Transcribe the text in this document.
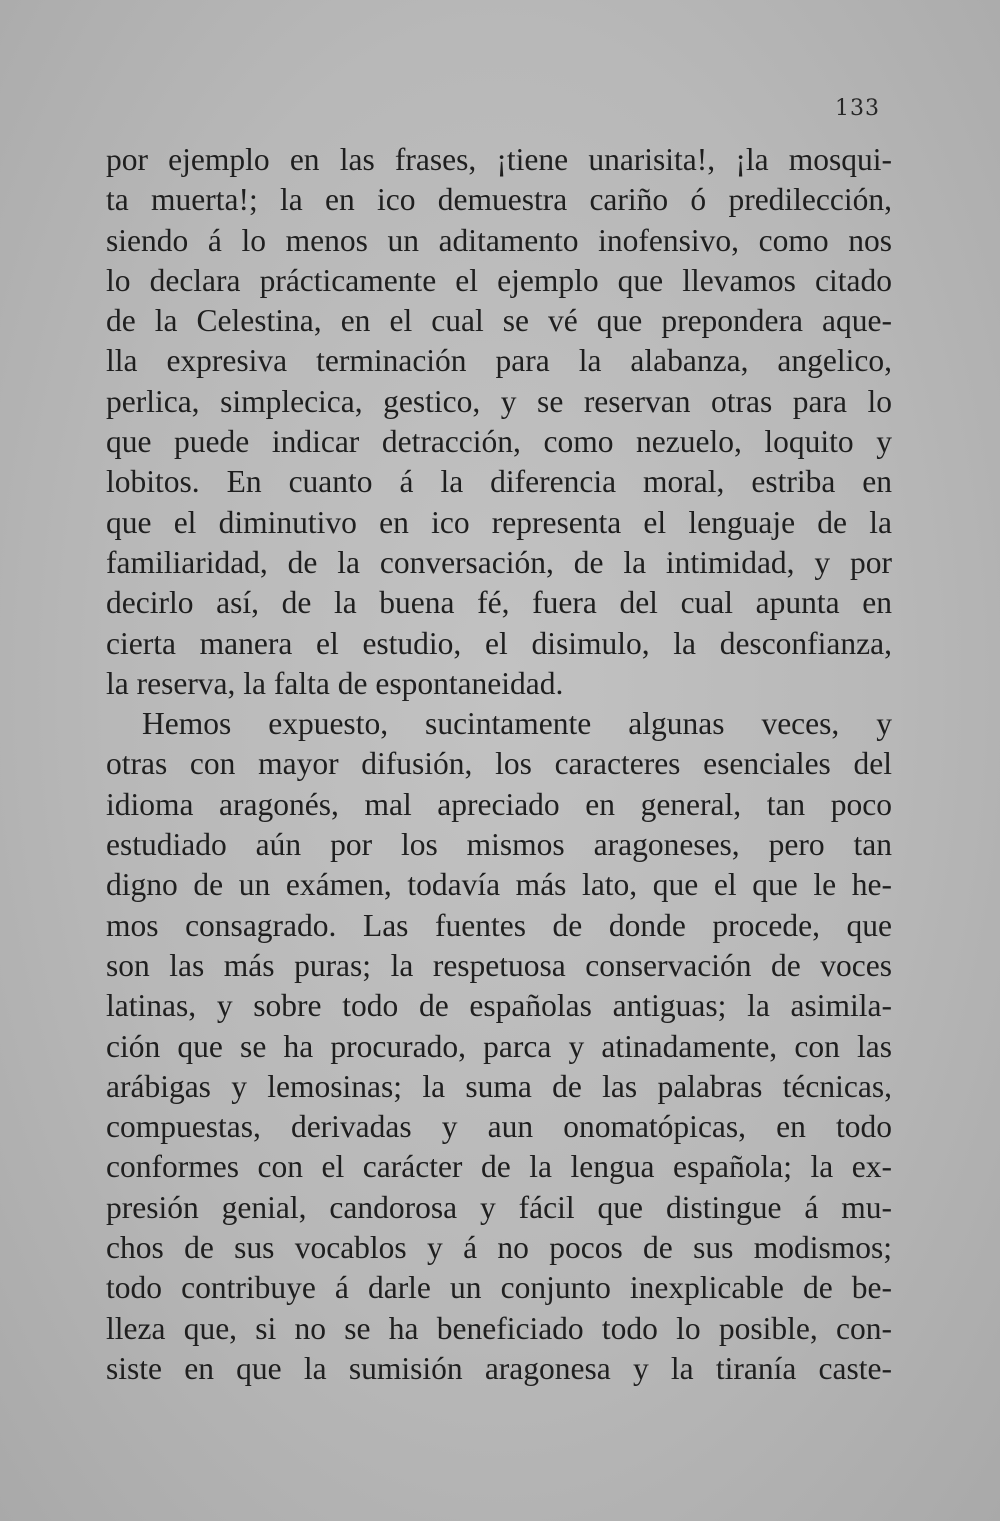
133
por ejemplo en las frases, ¡tiene unarisita!, ¡la mosqui-
ta muerta!; la en ico demuestra cariño ó predilección,
siendo á lo menos un aditamento inofensivo, como nos
lo declara prácticamente el ejemplo que llevamos citado
de la Celestina, en el cual se vé que prepondera aque-
lla expresiva terminación para la alabanza, angelico,
perlica, simplecica, gestico, y se reservan otras para lo
que puede indicar detracción, como nezuelo, loquito y
lobitos. En cuanto á la diferencia moral, estriba en
que el diminutivo en ico representa el lenguaje de la
familiaridad, de la conversación, de la intimidad, y por
decirlo así, de la buena fé, fuera del cual apunta en
cierta manera el estudio, el disimulo, la desconfianza,
la reserva, la falta de espontaneidad.
Hemos expuesto, sucintamente algunas veces, y
otras con mayor difusión, los caracteres esenciales del
idioma aragonés, mal apreciado en general, tan poco
estudiado aún por los mismos aragoneses, pero tan
digno de un exámen, todavía más lato, que el que le he-
mos consagrado. Las fuentes de donde procede, que
son las más puras; la respetuosa conservación de voces
latinas, y sobre todo de españolas antiguas; la asimila-
ción que se ha procurado, parca y atinadamente, con las
arábigas y lemosinas; la suma de las palabras técnicas,
compuestas, derivadas y aun onomatópicas, en todo
conformes con el carácter de la lengua española; la ex-
presión genial, candorosa y fácil que distingue á mu-
chos de sus vocablos y á no pocos de sus modismos;
todo contribuye á darle un conjunto inexplicable de be-
lleza que, si no se ha beneficiado todo lo posible, con-
siste en que la sumisión aragonesa y la tiranía caste-
